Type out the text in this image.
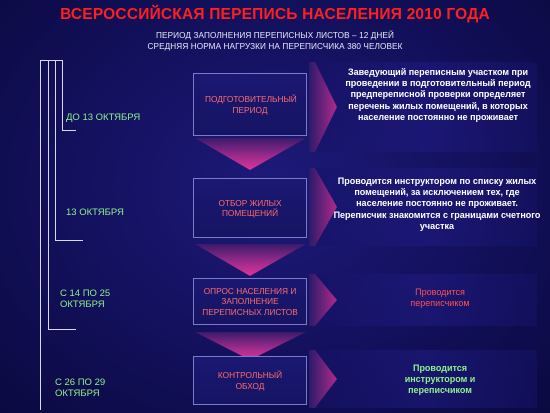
ВСЕРОССИЙСКАЯ ПЕРЕПИСЬ НАСЕЛЕНИЯ 2010 ГОДА
ПЕРИОД ЗАПОЛНЕНИЯ ПЕРЕПИСНЫХ ЛИСТОВ – 12 ДНЕЙ
СРЕДНЯЯ НОРМА НАГРУЗКИ НА ПЕРЕПИСЧИКА 380 ЧЕЛОВЕК
ДО 13 ОКТЯБРЯ
13 ОКТЯБРЯ
С 14 ПО 25 ОКТЯБРЯ
С 26 ПО 29 ОКТЯБРЯ
ПОДГОТОВИТЕЛЬНЫЙ ПЕРИОД
ОТБОР ЖИЛЫХ ПОМЕЩЕНИЙ
ОПРОС НАСЕЛЕНИЯ И ЗАПОЛНЕНИЕ ПЕРЕПИСНЫХ ЛИСТОВ
КОНТРОЛЬНЫЙ ОБХОД
Заведующий переписным участком при проведении в подготовительный период предпереписной проверки определяет перечень жилых помещений, в которых население постоянно не проживает
Проводится инструктором по списку жилых помещений, за исключением тех, где население постоянно не проживает. Переписчик знакомится с границами счетного участка
Проводится переписчиком
Проводится инструктором и переписчиком
